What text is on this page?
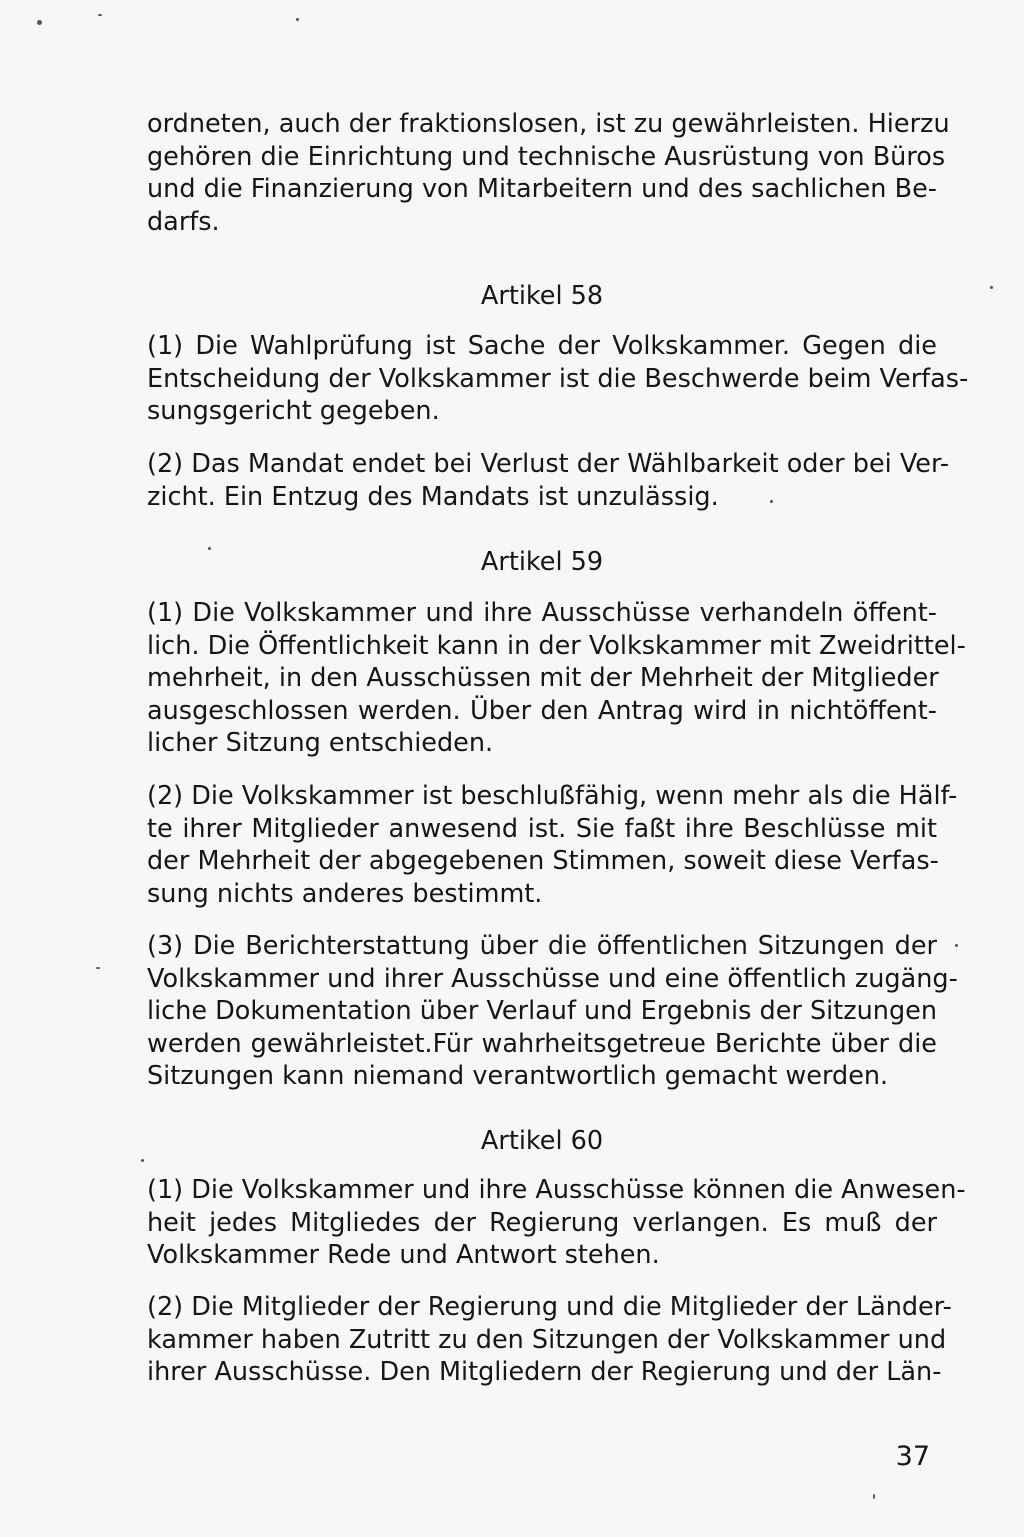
ordneten, auch der fraktionslosen, ist zu gewährleisten. Hierzu
gehören die Einrichtung und technische Ausrüstung von Büros
und die Finanzierung von Mitarbeitern und des sachlichen Be-
darfs.

Artikel 58

(1) Die Wahlprüfung ist Sache der Volkskammer. Gegen die
Entscheidung der Volkskammer ist die Beschwerde beim Verfas-
sungsgericht gegeben.

(2) Das Mandat endet bei Verlust der Wählbarkeit oder bei Ver-
zicht. Ein Entzug des Mandats ist unzulässig.

Artikel 59

(1) Die Volkskammer und ihre Ausschüsse verhandeln öffent-
lich. Die Öffentlichkeit kann in der Volkskammer mit Zweidrittel-
mehrheit, in den Ausschüssen mit der Mehrheit der Mitglieder
ausgeschlossen werden. Über den Antrag wird in nichtöffent-
licher Sitzung entschieden.

(2) Die Volkskammer ist beschlußfähig, wenn mehr als die Hälf-
te ihrer Mitglieder anwesend ist. Sie faßt ihre Beschlüsse mit
der Mehrheit der abgegebenen Stimmen, soweit diese Verfas-
sung nichts anderes bestimmt.

(3) Die Berichterstattung über die öffentlichen Sitzungen der
Volkskammer und ihrer Ausschüsse und eine öffentlich zugäng-
liche Dokumentation über Verlauf und Ergebnis der Sitzungen
werden gewährleistet.Für wahrheitsgetreue Berichte über die
Sitzungen kann niemand verantwortlich gemacht werden.

Artikel 60

(1) Die Volkskammer und ihre Ausschüsse können die Anwesen-
heit jedes Mitgliedes der Regierung verlangen. Es muß der
Volkskammer Rede und Antwort stehen.

(2) Die Mitglieder der Regierung und die Mitglieder der Länder-
kammer haben Zutritt zu den Sitzungen der Volkskammer und
ihrer Ausschüsse. Den Mitgliedern der Regierung und der Län-

37
